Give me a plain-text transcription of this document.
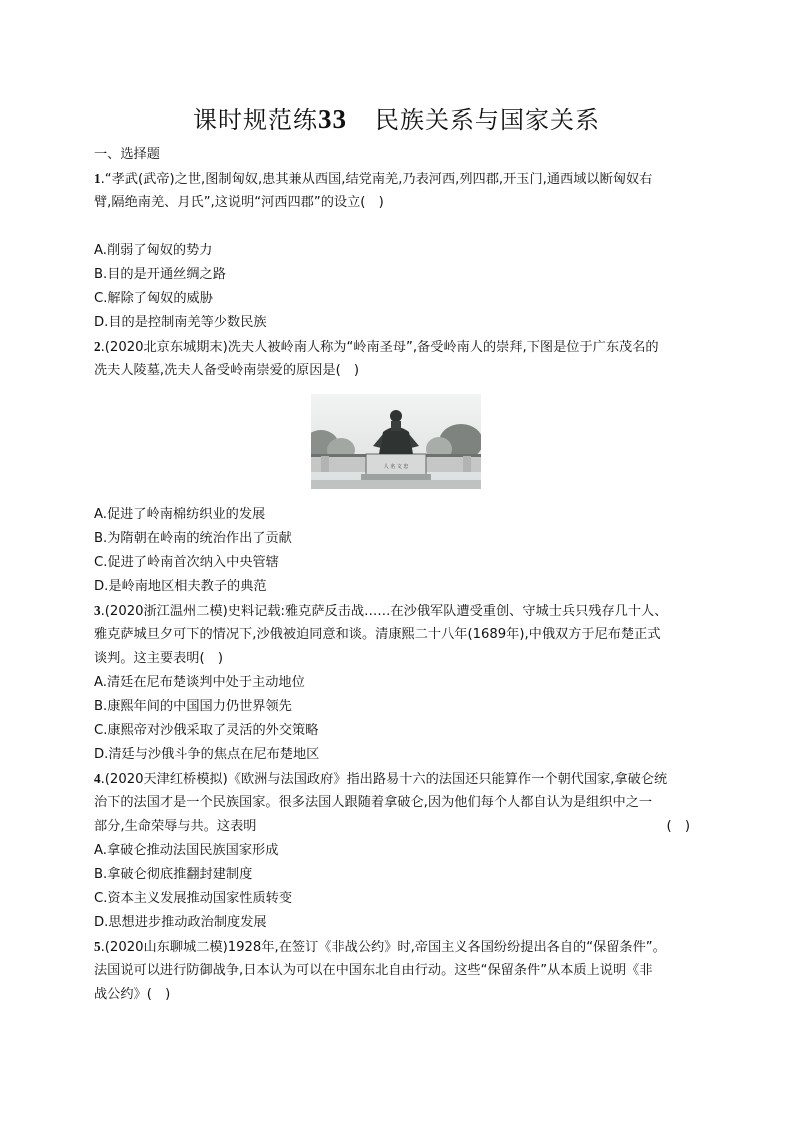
课时规范练33 民族关系与国家关系
一、选择题
1.“孝武(武帝)之世,图制匈奴,患其兼从西国,结党南羌,乃表河西,列四郡,开玉门,通西域以断匈奴右
臂,隔绝南羌、月氏”,这说明“河西四郡”的设立(　)
A.削弱了匈奴的势力
B.目的是开通丝绸之路
C.解除了匈奴的威胁
D.目的是控制南羌等少数民族
2.(2020北京东城期末)冼夫人被岭南人称为“岭南圣母”,备受岭南人的崇拜,下图是位于广东茂名的
冼夫人陵墓,冼夫人备受岭南崇爱的原因是(　)
人 名 文 忠
A.促进了岭南棉纺织业的发展
B.为隋朝在岭南的统治作出了贡献
C.促进了岭南首次纳入中央管辖
D.是岭南地区相夫教子的典范
3.(2020浙江温州二模)史料记载:雅克萨反击战……在沙俄军队遭受重创、守城士兵只残存几十人、
雅克萨城旦夕可下的情况下,沙俄被迫同意和谈。清康熙二十八年(1689年),中俄双方于尼布楚正式
谈判。这主要表明(　)
A.清廷在尼布楚谈判中处于主动地位
B.康熙年间的中国国力仍世界领先
C.康熙帝对沙俄采取了灵活的外交策略
D.清廷与沙俄斗争的焦点在尼布楚地区
4.(2020天津红桥模拟)《欧洲与法国政府》指出路易十六的法国还只能算作一个朝代国家,拿破仑统
治下的法国才是一个民族国家。很多法国人跟随着拿破仑,因为他们每个人都自认为是组织中之一
部分,生命荣辱与共。这表明	(　)
A.拿破仑推动法国民族国家形成
B.拿破仑彻底推翻封建制度
C.资本主义发展推动国家性质转变
D.思想进步推动政治制度发展
5.(2020山东聊城二模)1928年,在签订《非战公约》时,帝国主义各国纷纷提出各自的“保留条件”。
法国说可以进行防御战争,日本认为可以在中国东北自由行动。这些“保留条件”从本质上说明《非
战公约》(　)
